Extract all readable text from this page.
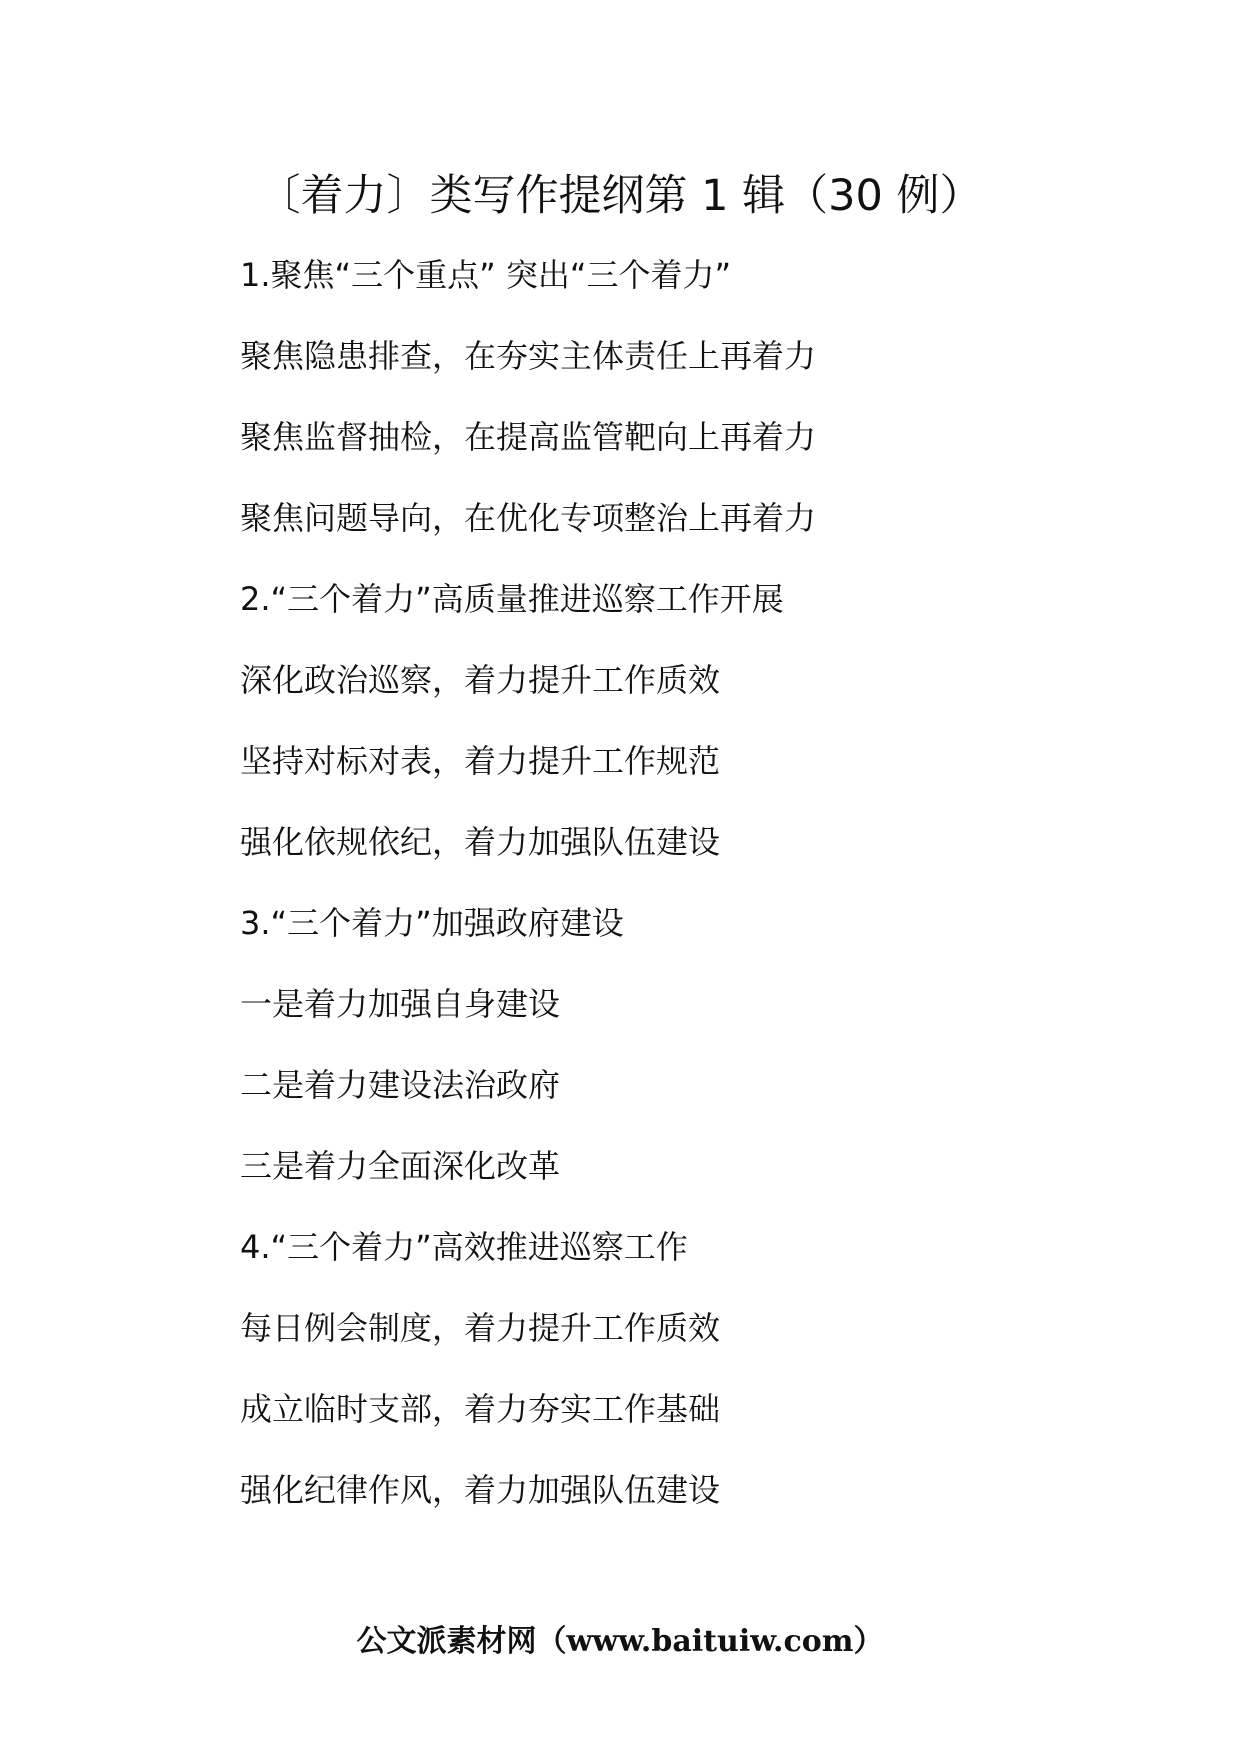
〔着力〕类写作提纲第 1 辑（30 例）
1.聚焦“三个重点” 突出“三个着力”
聚焦隐患排查，在夯实主体责任上再着力
聚焦监督抽检，在提高监管靶向上再着力
聚焦问题导向，在优化专项整治上再着力
2.“三个着力”高质量推进巡察工作开展
深化政治巡察，着力提升工作质效
坚持对标对表，着力提升工作规范
强化依规依纪，着力加强队伍建设
3.“三个着力”加强政府建设
一是着力加强自身建设
二是着力建设法治政府
三是着力全面深化改革
4.“三个着力”高效推进巡察工作
每日例会制度，着力提升工作质效
成立临时支部，着力夯实工作基础
强化纪律作风，着力加强队伍建设
公文派素材网（www.baituiw.com）
